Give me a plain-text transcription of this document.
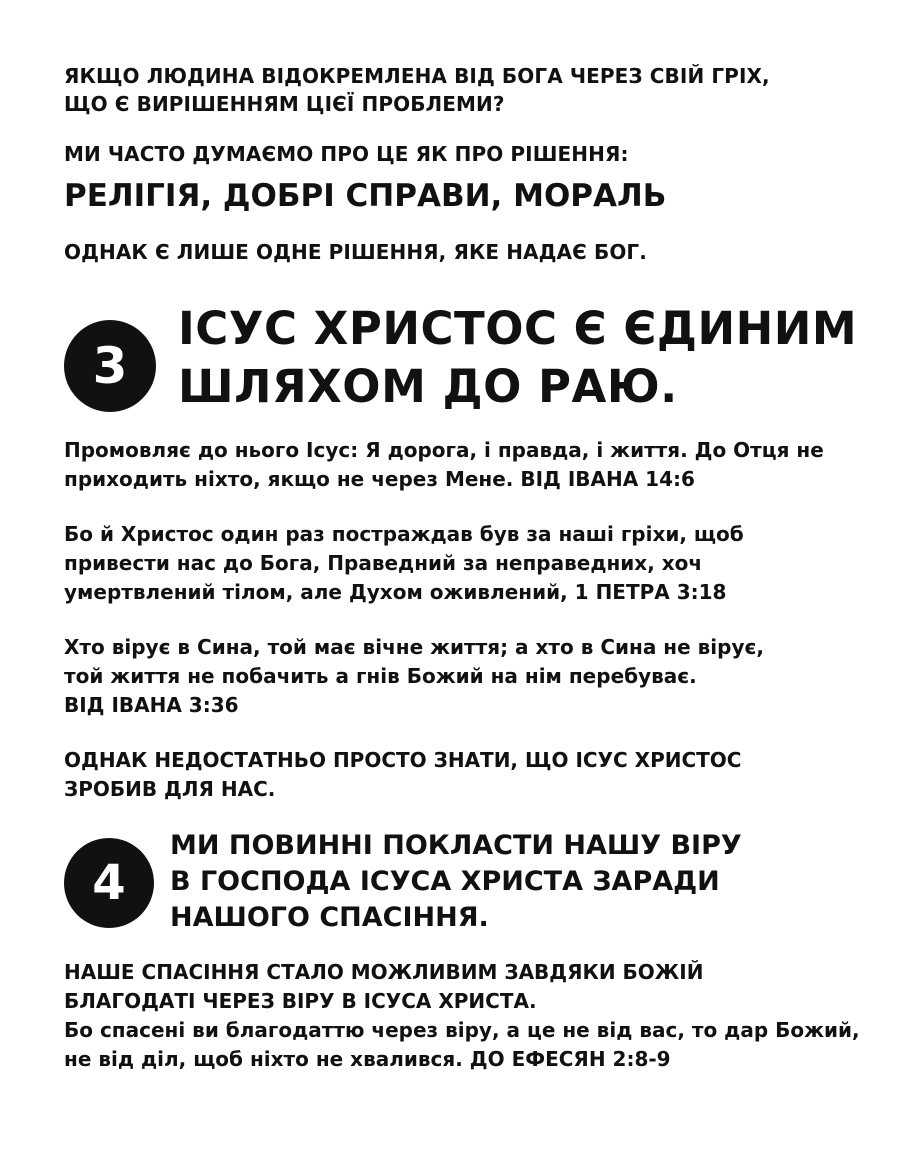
ЯКЩО ЛЮДИНА ВІДОКРЕМЛЕНА ВІД БОГА ЧЕРЕЗ СВІЙ ГРІХ,
ЩО Є ВИРІШЕННЯМ ЦІЄЇ ПРОБЛЕМИ?

МИ ЧАСТО ДУМАЄМО ПРО ЦЕ ЯК ПРО РІШЕННЯ:

РЕЛІГІЯ, ДОБРІ СПРАВИ, МОРАЛЬ

ОДНАК Є ЛИШЕ ОДНЕ РІШЕННЯ, ЯКЕ НАДАЄ БОГ.

3
ІСУС ХРИСТОС Є ЄДИНИМ
ШЛЯХОМ ДО РАЮ.

Промовляє до нього Ісус: Я дорога, і правда, і життя. До Отця не
приходить ніхто, якщо не через Мене. ВІД ІВАНА 14:6

Бо й Христос один раз постраждав був за наші гріхи, щоб
привести нас до Бога, Праведний за неправедних, хоч
умертвлений тілом, але Духом оживлений, 1 ПЕТРА 3:18

Хто вірує в Сина, той має вічне життя; а хто в Сина не вірує,
той життя не побачить а гнів Божий на нім перебуває.
ВІД ІВАНА 3:36

ОДНАК НЕДОСТАТНЬО ПРОСТО ЗНАТИ, ЩО ІСУС ХРИСТОС
ЗРОБИВ ДЛЯ НАС.

4
МИ ПОВИННІ ПОКЛАСТИ НАШУ ВІРУ
В ГОСПОДА ІСУСА ХРИСТА ЗАРАДИ
НАШОГО СПАСІННЯ.

НАШЕ СПАСІННЯ СТАЛО МОЖЛИВИМ ЗАВДЯКИ БОЖІЙ
БЛАГОДАТІ ЧЕРЕЗ ВІРУ В ІСУСА ХРИСТА.
Бо спасені ви благодаттю через віру, а це не від вас, то дар Божий,
не від діл, щоб ніхто не хвалився. ДО ЕФЕСЯН 2:8-9
